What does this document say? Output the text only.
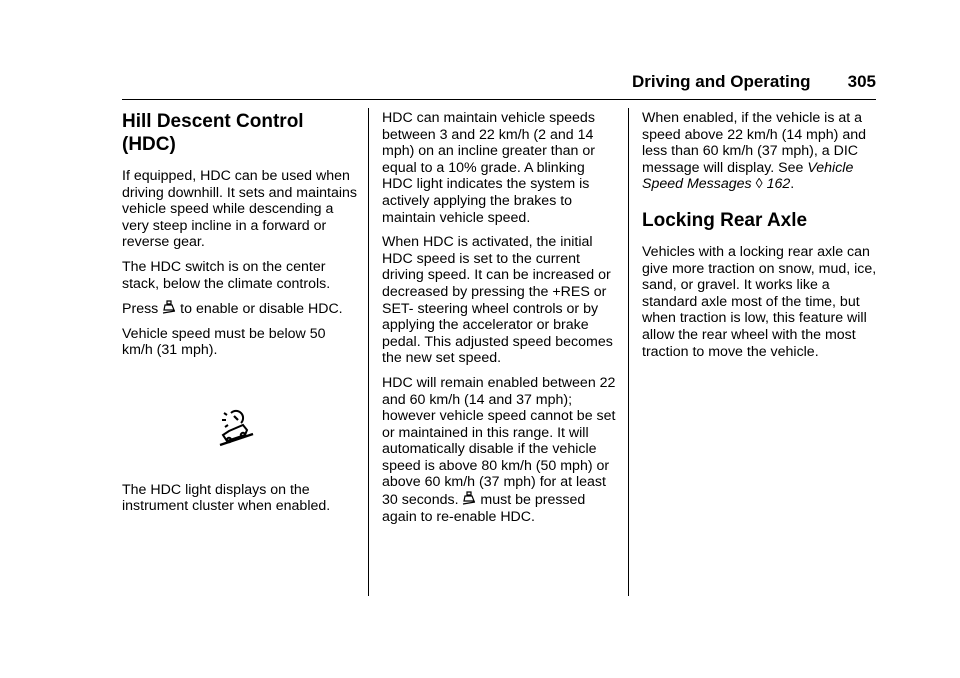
Driving and Operating 305
Hill Descent Control (HDC)

If equipped, HDC can be used when driving downhill. It sets and maintains vehicle speed while descending a very steep incline in a forward or reverse gear.

The HDC switch is on the center stack, below the climate controls.

Press to enable or disable HDC.

Vehicle speed must be below 50 km/h (31 mph).

The HDC light displays on the instrument cluster when enabled.

HDC can maintain vehicle speeds between 3 and 22 km/h (2 and 14 mph) on an incline greater than or equal to a 10% grade. A blinking HDC light indicates the system is actively applying the brakes to maintain vehicle speed.

When HDC is activated, the initial HDC speed is set to the current driving speed. It can be increased or decreased by pressing the +RES or SET- steering wheel controls or by applying the accelerator or brake pedal. This adjusted speed becomes the new set speed.

HDC will remain enabled between 22 and 60 km/h (14 and 37 mph); however vehicle speed cannot be set or maintained in this range. It will automatically disable if the vehicle speed is above 80 km/h (50 mph) or above 60 km/h (37 mph) for at least 30 seconds. must be pressed again to re-enable HDC.

When enabled, if the vehicle is at a speed above 22 km/h (14 mph) and less than 60 km/h (37 mph), a DIC message will display. See Vehicle Speed Messages ◊ 162.

Locking Rear Axle

Vehicles with a locking rear axle can give more traction on snow, mud, ice, sand, or gravel. It works like a standard axle most of the time, but when traction is low, this feature will allow the rear wheel with the most traction to move the vehicle.
